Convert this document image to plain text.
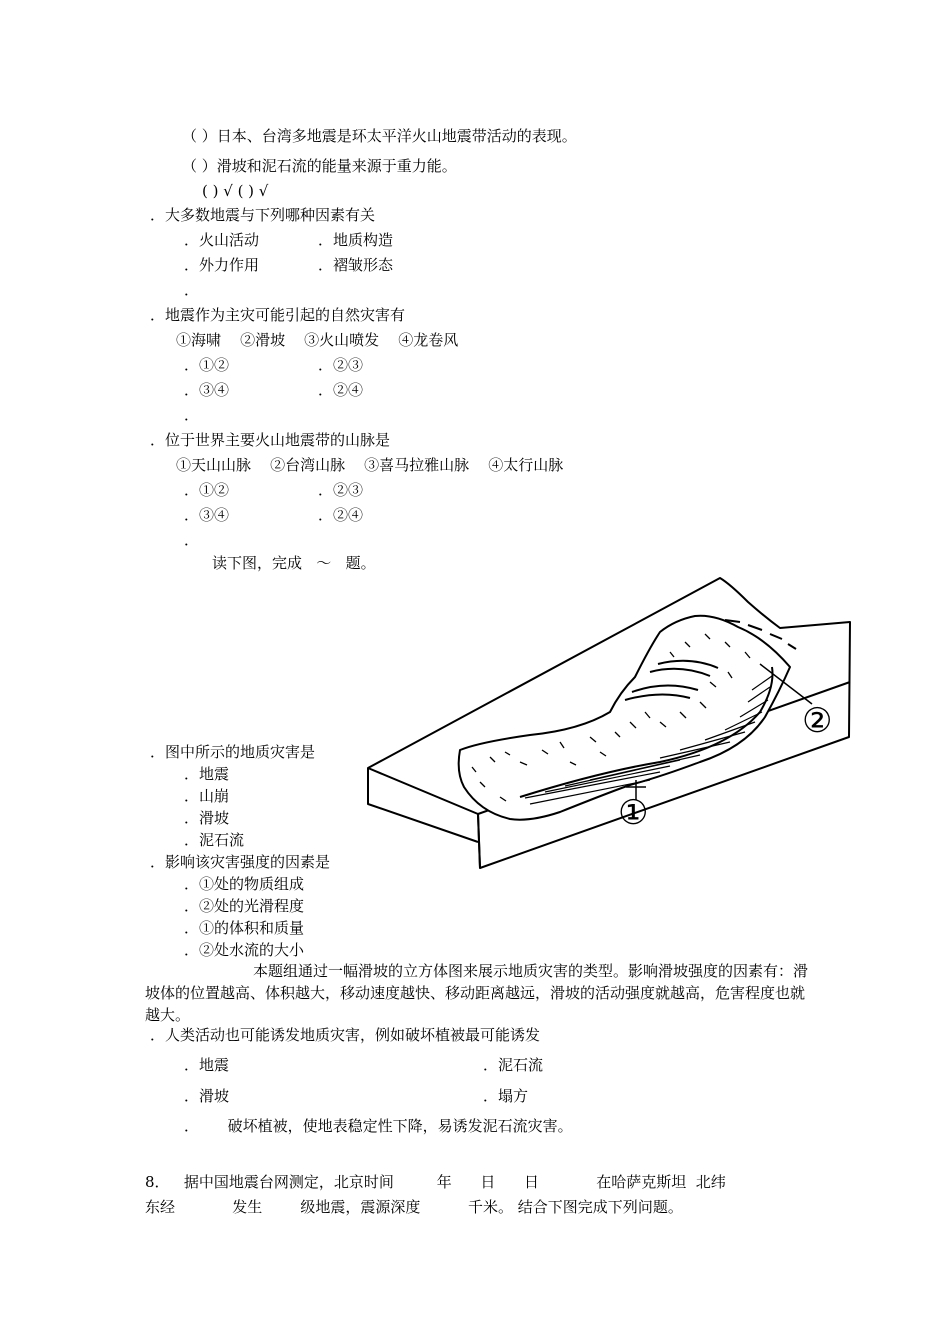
（ ）日本、台湾多地震是环太平洋火山地震带活动的表现。
（ ）滑坡和泥石流的能量来源于重力能。
( ) √ ( ) √
．大多数地震与下列哪种因素有关
．火山活动	．地质构造
．外力作用	．褶皱形态
．
．地震作为主灾可能引起的自然灾害有
①海啸    ②滑坡    ③火山喷发    ④龙卷风
．①②	．②③
．③④	．②④
．
．位于世界主要火山地震带的山脉是
①天山山脉    ②台湾山脉    ③喜马拉雅山脉    ④太行山脉
．①②	．②③
．③④	．②④
．
读下图，完成   ～   题。
①
②
．图中所示的地质灾害是
．地震
．山崩
．滑坡
．泥石流
．影响该灾害强度的因素是
．①处的物质组成
．②处的光滑程度
．①的体积和质量
．②处水流的大小
本题组通过一幅滑坡的立方体图来展示地质灾害的类型。影响滑坡强度的因素有：滑坡体的位置越高、体积越大，移动速度越快、移动距离越远，滑坡的活动强度就越高，危害程度也就越大。
．人类活动也可能诱发地质灾害，例如破坏植被最可能诱发
．地震	．泥石流
．滑坡	．塌方
．      破坏植被，使地表稳定性下降，易诱发泥石流灾害。
8．   据中国地震台网测定，北京时间         年      日      日            在哈萨克斯坦  北纬
东经            发生        级地震，震源深度          千米。 结合下图完成下列问题。
